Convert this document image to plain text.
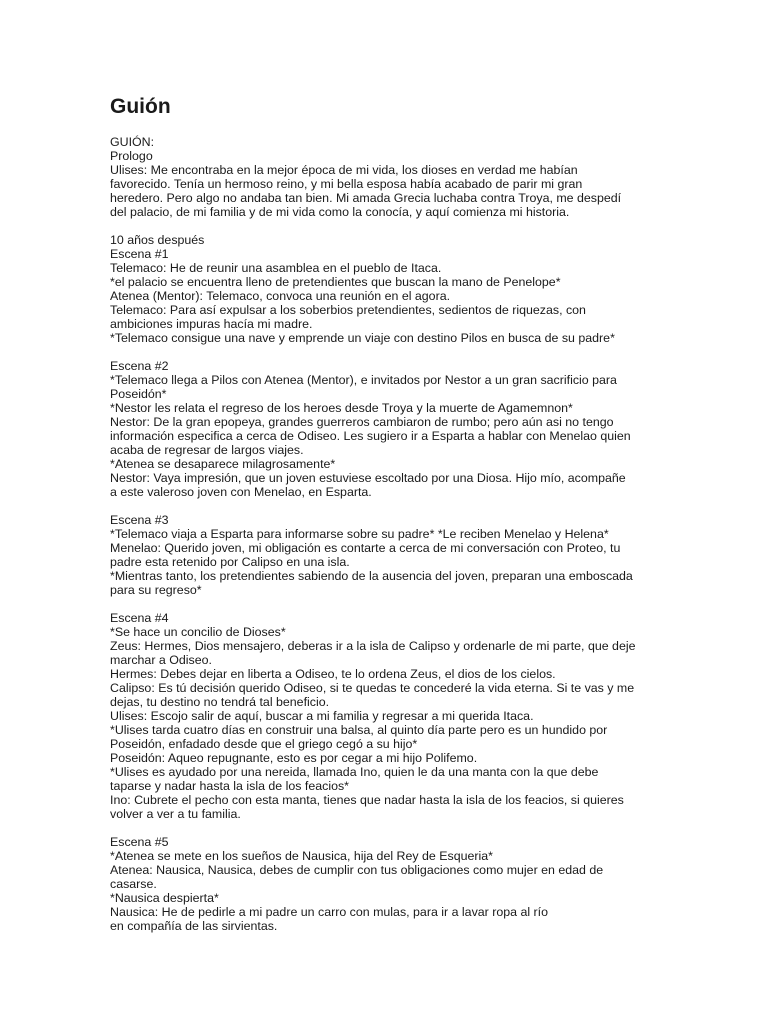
Guión
GUIÓN:
Prologo
Ulises: Me encontraba en la mejor época de mi vida, los dioses en verdad me habían
favorecido. Tenía un hermoso reino, y mi bella esposa había acabado de parir mi gran
heredero. Pero algo no andaba tan bien. Mi amada Grecia luchaba contra Troya, me despedí
del palacio, de mi familia y de mi vida como la conocía, y aquí comienza mi historia.
10 años después
Escena #1
Telemaco: He de reunir una asamblea en el pueblo de Itaca.
*el palacio se encuentra lleno de pretendientes que buscan la mano de Penelope*
Atenea (Mentor): Telemaco, convoca una reunión en el agora.
Telemaco: Para así expulsar a los soberbios pretendientes, sedientos de riquezas, con
ambiciones impuras hacía mi madre.
*Telemaco consigue una nave y emprende un viaje con destino Pilos en busca de su padre*
Escena #2
*Telemaco llega a Pilos con Atenea (Mentor), e invitados por Nestor a un gran sacrificio para
Poseidón*
*Nestor les relata el regreso de los heroes desde Troya y la muerte de Agamemnon*
Nestor: De la gran epopeya, grandes guerreros cambiaron de rumbo; pero aún asi no tengo
información especifica a cerca de Odiseo. Les sugiero ir a Esparta a hablar con Menelao quien
acaba de regresar de largos viajes.
*Atenea se desaparece milagrosamente*
Nestor: Vaya impresión, que un joven estuviese escoltado por una Diosa. Hijo mío, acompañe
a este valeroso joven con Menelao, en Esparta.
Escena #3
*Telemaco viaja a Esparta para informarse sobre su padre* *Le reciben Menelao y Helena*
Menelao: Querido joven, mi obligación es contarte a cerca de mi conversación con Proteo, tu
padre esta retenido por Calipso en una isla.
*Mientras tanto, los pretendientes sabiendo de la ausencia del joven, preparan una emboscada
para su regreso*
Escena #4
*Se hace un concilio de Dioses*
Zeus: Hermes, Dios mensajero, deberas ir a la isla de Calipso y ordenarle de mi parte, que deje
marchar a Odiseo.
Hermes: Debes dejar en liberta a Odiseo, te lo ordena Zeus, el dios de los cielos.
Calipso: Es tú decisión querido Odiseo, si te quedas te concederé la vida eterna. Si te vas y me
dejas, tu destino no tendrá tal beneficio.
Ulises: Escojo salir de aquí, buscar a mi familia y regresar a mi querida Itaca.
*Ulises tarda cuatro días en construir una balsa, al quinto día parte pero es un hundido por
Poseidón, enfadado desde que el griego cegó a su hijo*
Poseidón: Aqueo repugnante, esto es por cegar a mi hijo Polifemo.
*Ulises es ayudado por una nereida, llamada Ino, quien le da una manta con la que debe
taparse y nadar hasta la isla de los feacios*
Ino: Cubrete el pecho con esta manta, tienes que nadar hasta la isla de los feacios, si quieres
volver a ver a tu familia.
Escena #5
*Atenea se mete en los sueños de Nausica, hija del Rey de Esqueria*
Atenea: Nausica, Nausica, debes de cumplir con tus obligaciones como mujer en edad de
casarse.
*Nausica despierta*
Nausica: He de pedirle a mi padre un carro con mulas, para ir a lavar ropa al río
en compañía de las sirvientas.
